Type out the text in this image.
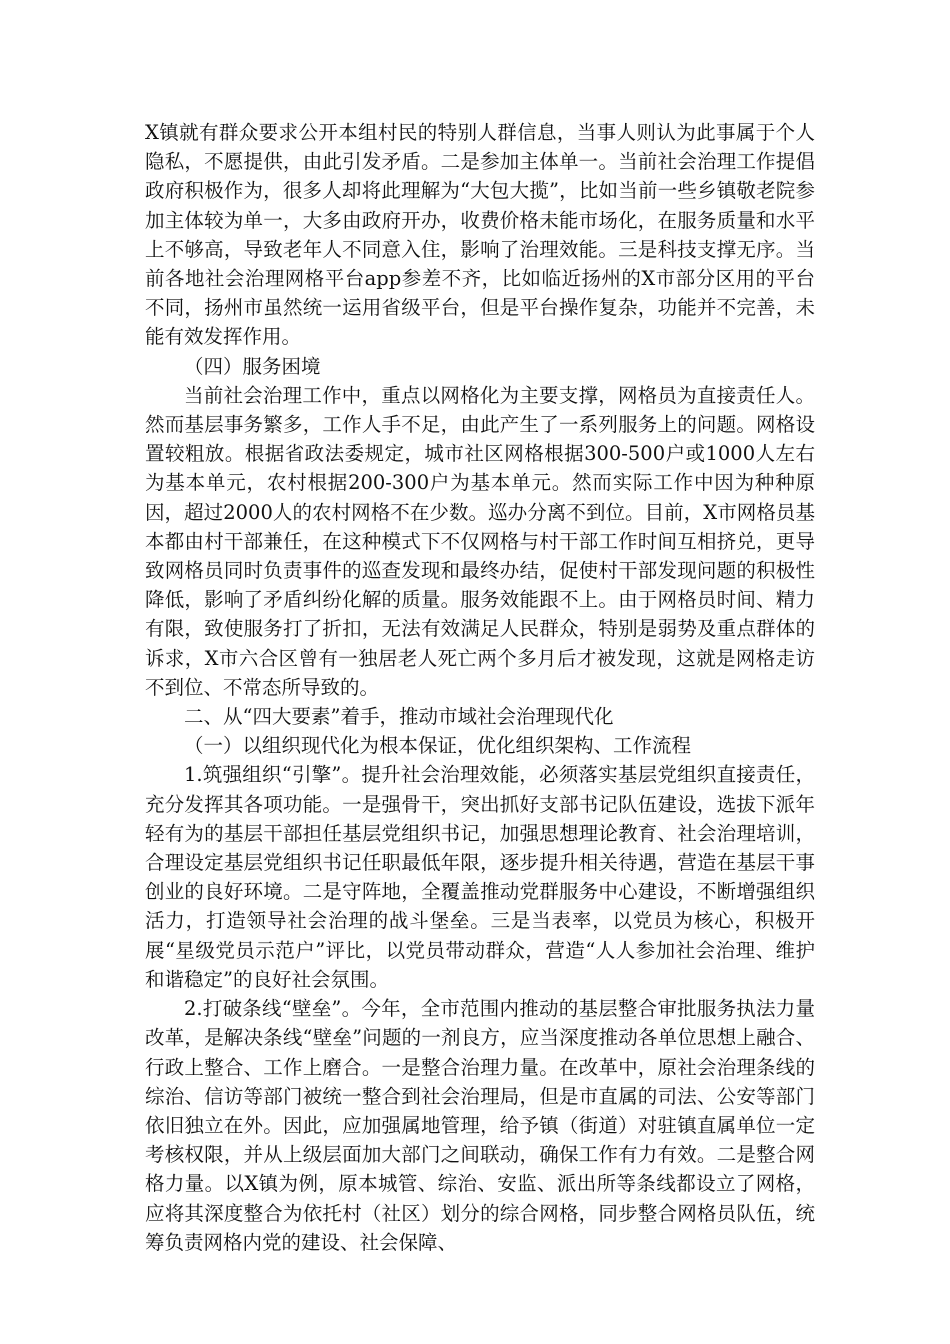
X镇就有群众要求公开本组村民的特别人群信息，当事人则认为此事属于个人隐私，不愿提供，由此引发矛盾。二是参加主体单一。当前社会治理工作提倡政府积极作为，很多人却将此理解为“大包大揽”，比如当前一些乡镇敬老院参加主体较为单一，大多由政府开办，收费价格未能市场化，在服务质量和水平上不够高，导致老年人不同意入住，影响了治理效能。三是科技支撑无序。当前各地社会治理网格平台app参差不齐，比如临近扬州的X市部分区用的平台不同，扬州市虽然统一运用省级平台，但是平台操作复杂，功能并不完善，未能有效发挥作用。

（四）服务困境

当前社会治理工作中，重点以网格化为主要支撑，网格员为直接责任人。然而基层事务繁多，工作人手不足，由此产生了一系列服务上的问题。网格设置较粗放。根据省政法委规定，城市社区网格根据300-500户或1000人左右为基本单元，农村根据200-300户为基本单元。然而实际工作中因为种种原因，超过2000人的农村网格不在少数。巡办分离不到位。目前，X市网格员基本都由村干部兼任，在这种模式下不仅网格与村干部工作时间互相挤兑，更导致网格员同时负责事件的巡查发现和最终办结，促使村干部发现问题的积极性降低，影响了矛盾纠纷化解的质量。服务效能跟不上。由于网格员时间、精力有限，致使服务打了折扣，无法有效满足人民群众，特别是弱势及重点群体的诉求，X市六合区曾有一独居老人死亡两个多月后才被发现，这就是网格走访不到位、不常态所导致的。

二、从“四大要素”着手，推动市域社会治理现代化

（一）以组织现代化为根本保证，优化组织架构、工作流程

1.筑强组织“引擎”。提升社会治理效能，必须落实基层党组织直接责任，充分发挥其各项功能。一是强骨干，突出抓好支部书记队伍建设，选拔下派年轻有为的基层干部担任基层党组织书记，加强思想理论教育、社会治理培训，合理设定基层党组织书记任职最低年限，逐步提升相关待遇，营造在基层干事创业的良好环境。二是守阵地，全覆盖推动党群服务中心建设，不断增强组织活力，打造领导社会治理的战斗堡垒。三是当表率，以党员为核心，积极开展“星级党员示范户”评比，以党员带动群众，营造“人人参加社会治理、维护和谐稳定”的良好社会氛围。

2.打破条线“壁垒”。今年，全市范围内推动的基层整合审批服务执法力量改革，是解决条线“壁垒”问题的一剂良方，应当深度推动各单位思想上融合、行政上整合、工作上磨合。一是整合治理力量。在改革中，原社会治理条线的综治、信访等部门被统一整合到社会治理局，但是市直属的司法、公安等部门依旧独立在外。因此，应加强属地管理，给予镇（街道）对驻镇直属单位一定考核权限，并从上级层面加大部门之间联动，确保工作有力有效。二是整合网格力量。以X镇为例，原本城管、综治、安监、派出所等条线都设立了网格，应将其深度整合为依托村（社区）划分的综合网格，同步整合网格员队伍，统筹负责网格内党的建设、社会保障、
